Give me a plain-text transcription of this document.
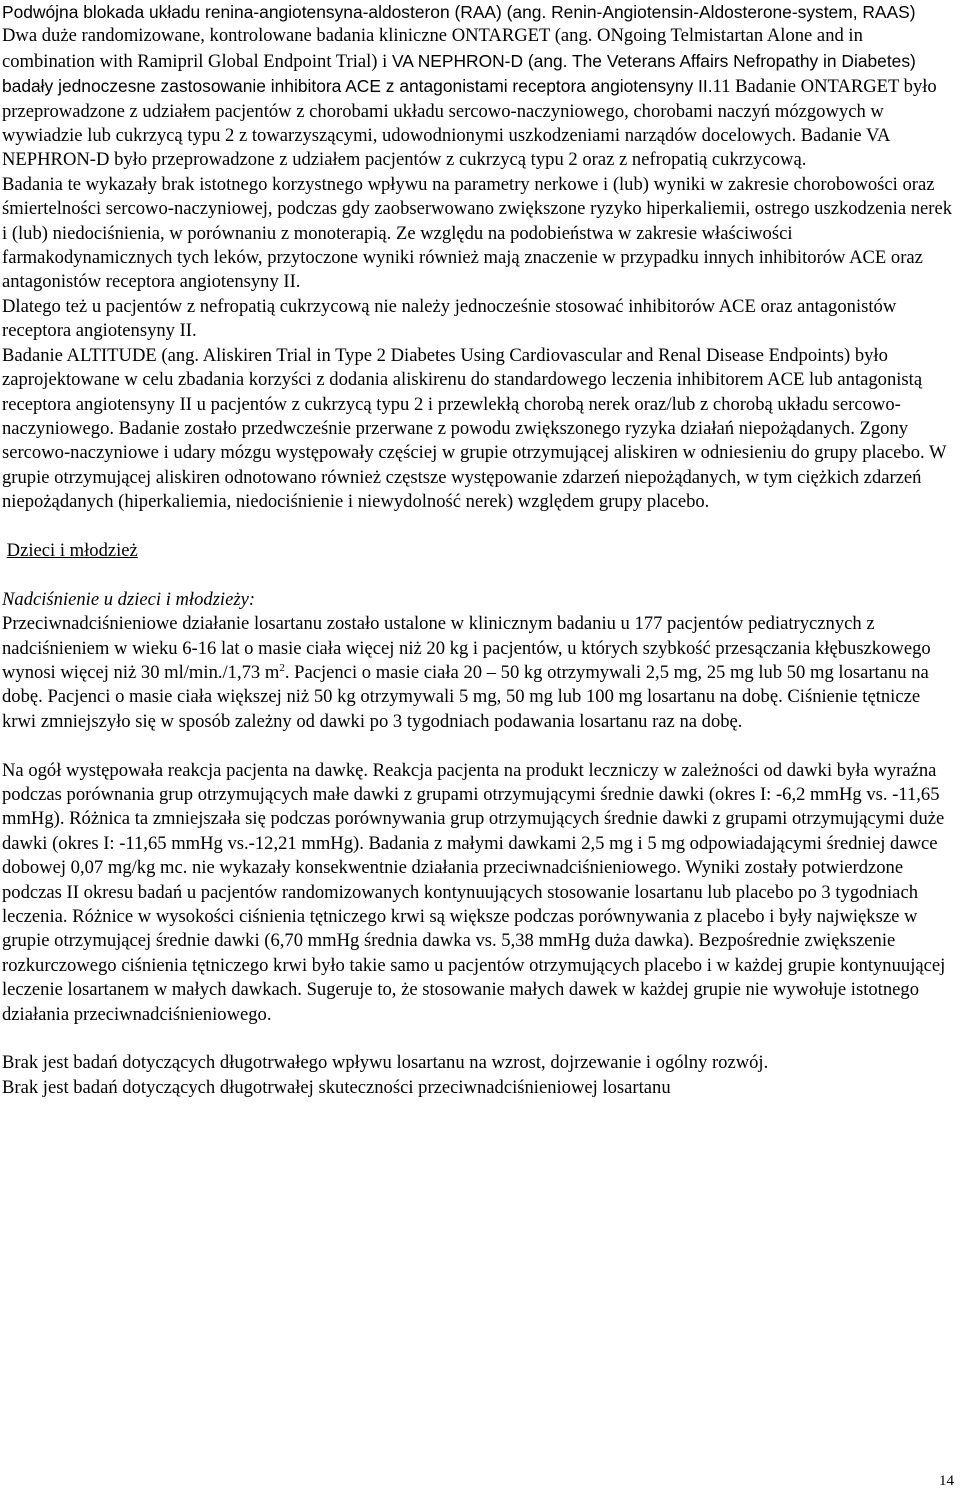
Podwójna blokada układu renina-angiotensyna-aldosteron (RAA) (ang. Renin-Angiotensin-Aldosterone-system, RAAS)

Dwa duże randomizowane, kontrolowane badania kliniczne ONTARGET (ang. ONgoing Telmistartan Alone and in combination with Ramipril Global Endpoint Trial) i VA NEPHRON-D (ang. The Veterans Affairs Nefropathy in Diabetes) badały jednoczesne zastosowanie inhibitora ACE z antagonistami receptora angiotensyny II.11 Badanie ONTARGET było przeprowadzone z udziałem pacjentów z chorobami układu sercowo-naczyniowego, chorobami naczyń mózgowych w wywiadzie lub cukrzycą typu 2 z towarzyszącymi, udowodnionymi uszkodzeniami narządów docelowych. Badanie VA NEPHRON-D było przeprowadzone z udziałem pacjentów z cukrzycą typu 2 oraz z nefropatią cukrzycową.

Badania te wykazały brak istotnego korzystnego wpływu na parametry nerkowe i (lub) wyniki w zakresie chorobowości oraz śmiertelności sercowo-naczyniowej, podczas gdy zaobserwowano zwiększone ryzyko hiperkaliemii, ostrego uszkodzenia nerek i (lub) niedociśnienia, w porównaniu z monoterapią. Ze względu na podobieństwa w zakresie właściwości farmakodynamicznych tych leków, przytoczone wyniki również mają znaczenie w przypadku innych inhibitorów ACE oraz antagonistów receptora angiotensyny II.

Dlatego też u pacjentów z nefropatią cukrzycową nie należy jednocześnie stosować inhibitorów ACE oraz antagonistów receptora angiotensyny II.

Badanie ALTITUDE (ang. Aliskiren Trial in Type 2 Diabetes Using Cardiovascular and Renal Disease Endpoints) było zaprojektowane w celu zbadania korzyści z dodania aliskirenu do standardowego leczenia inhibitorem ACE lub antagonistą receptora angiotensyny II u pacjentów z cukrzycą typu 2 i przewlekłą chorobą nerek oraz/lub z chorobą układu sercowo-naczyniowego. Badanie zostało przedwcześnie przerwane z powodu zwiększonego ryzyka działań niepożądanych. Zgony sercowo-naczyniowe i udary mózgu występowały częściej w grupie otrzymującej aliskiren w odniesieniu do grupy placebo. W grupie otrzymującej aliskiren odnotowano również częstsze występowanie zdarzeń niepożądanych, w tym ciężkich zdarzeń niepożądanych (hiperkaliemia, niedociśnienie i niewydolność nerek) względem grupy placebo.

Dzieci i młodzież

Nadciśnienie u dzieci i młodzieży:

Przeciwnadciśnieniowe działanie losartanu zostało ustalone w klinicznym badaniu u 177 pacjentów pediatrycznych z nadciśnieniem w wieku 6-16 lat o masie ciała więcej niż 20 kg i pacjentów, u których szybkość przesączania kłębuszkowego wynosi więcej niż 30 ml/min./1,73 $m^2$. Pacjenci o masie ciała 20 – 50 kg otrzymywali 2,5 mg, 25 mg lub 50 mg losartanu na dobę. Pacjenci o masie ciała większej niż 50 kg otrzymywali 5 mg, 50 mg lub 100 mg losartanu na dobę. Ciśnienie tętnicze krwi zmniejszyło się w sposób zależny od dawki po 3 tygodniach podawania losartanu raz na dobę.

Na ogół występowała reakcja pacjenta na dawkę. Reakcja pacjenta na produkt leczniczy w zależności od dawki była wyraźna podczas porównania grup otrzymujących małe dawki z grupami otrzymującymi średnie dawki (okres I: -6,2 mmHg vs. -11,65 mmHg). Różnica ta zmniejszała się podczas porównywania grup otrzymujących średnie dawki z grupami otrzymującymi duże dawki (okres I: -11,65 mmHg vs.-12,21 mmHg). Badania z małymi dawkami 2,5 mg i 5 mg odpowiadającymi średniej dawce dobowej 0,07 mg/kg mc. nie wykazały konsekwentnie działania przeciwnadciśnieniowego. Wyniki zostały potwierdzone podczas II okresu badań u pacjentów randomizowanych kontynuujących stosowanie losartanu lub placebo po 3 tygodniach leczenia. Różnice w wysokości ciśnienia tętniczego krwi są większe podczas porównywania z placebo i były największe w grupie otrzymującej średnie dawki (6,70 mmHg średnia dawka vs. 5,38 mmHg duża dawka). Bezpośrednie zwiększenie rozkurczowego ciśnienia tętniczego krwi było takie samo u pacjentów otrzymujących placebo i w każdej grupie kontynuującej leczenie losartanem w małych dawkach. Sugeruje to, że stosowanie małych dawek w każdej grupie nie wywołuje istotnego działania przeciwnadciśnieniowego.

Brak jest badań dotyczących długotrwałego wpływu losartanu na wzrost, dojrzewanie i ogólny rozwój.

Brak jest badań dotyczących długotrwałej skuteczności przeciwnadciśnieniowej losartanu

14
